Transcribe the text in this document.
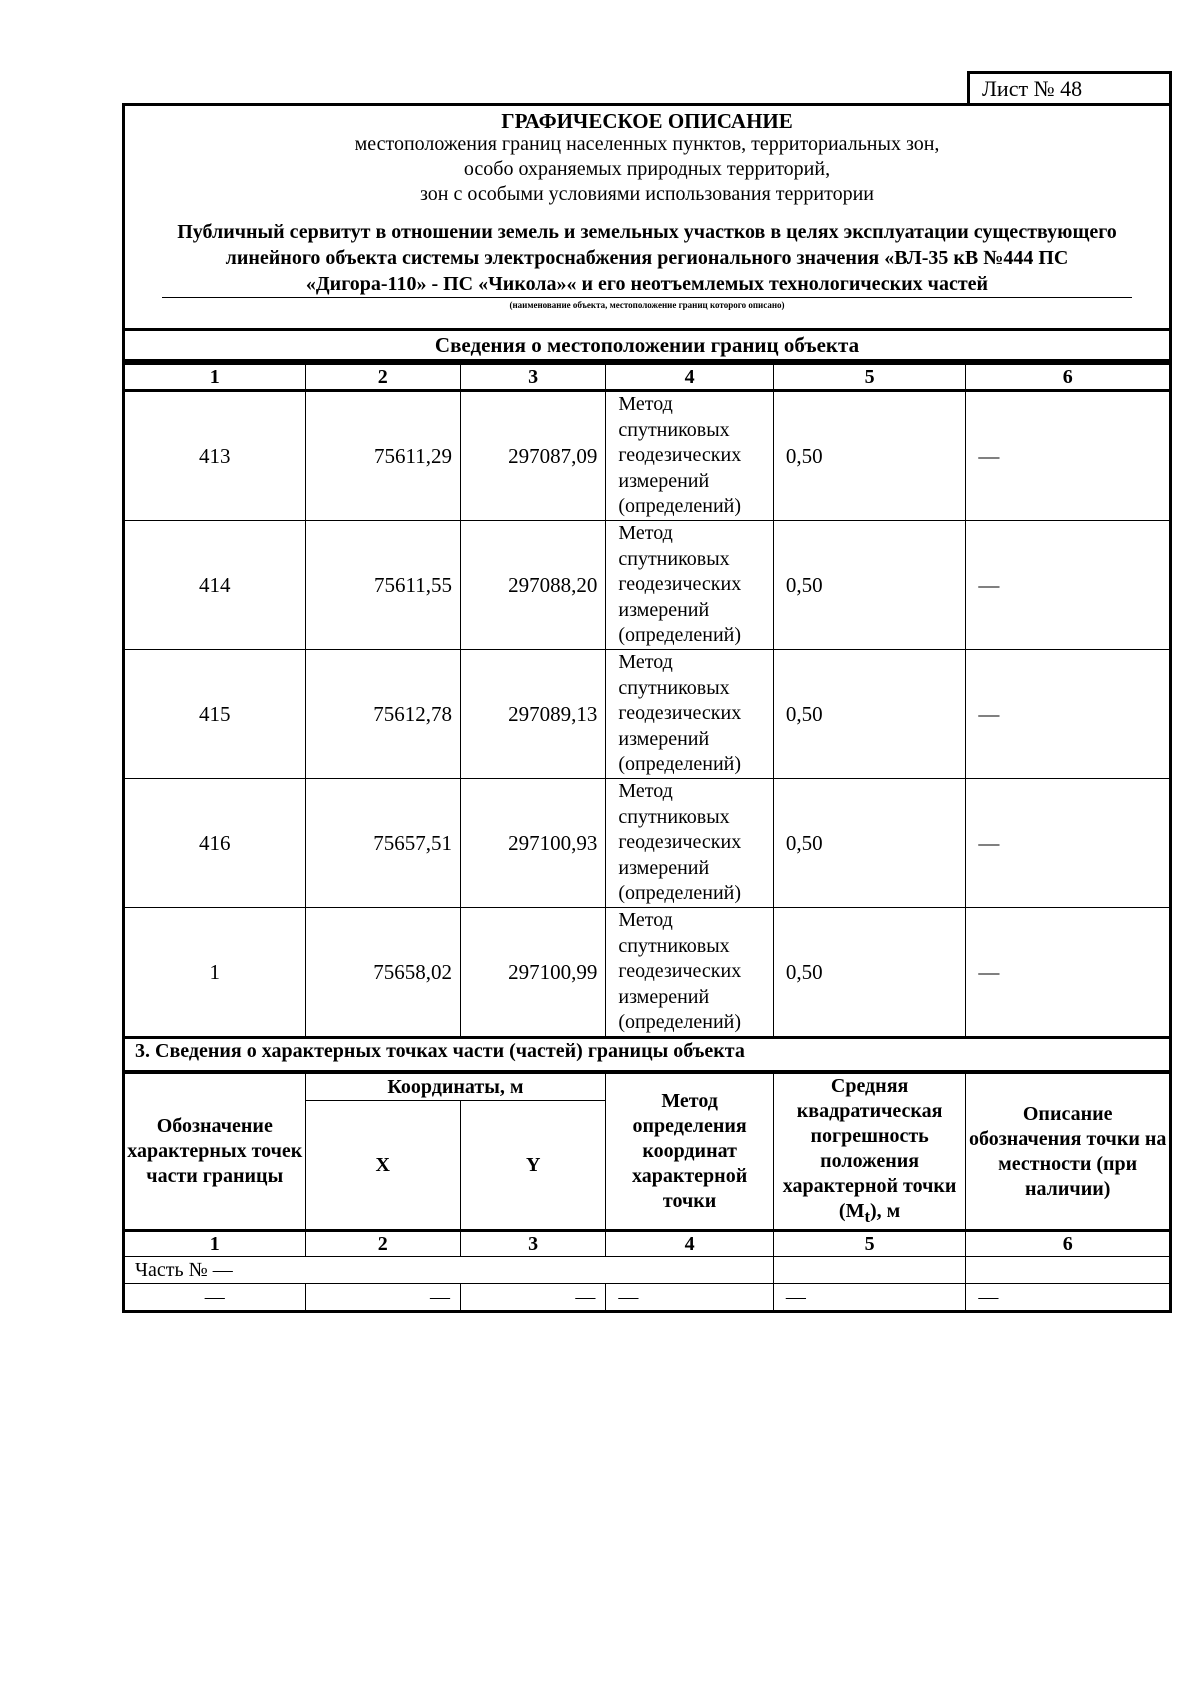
Лист № 48
ГРАФИЧЕСКОЕ ОПИСАНИЕ
местоположения границ населенных пунктов, территориальных зон,
особо охраняемых природных территорий,
зон с особыми условиями использования территории
Публичный сервитут в отношении земель и земельных участков в целях эксплуатации существующего линейного объекта системы электроснабжения регионального значения «ВЛ-35 кВ №444 ПС «Дигора-110» - ПС «Чикола»« и его неотъемлемых технологических частей
(наименование объекта, местоположение границ которого описано)
Сведения о местоположении границ объекта
1	2	3	4	5	6
413	75611,29	297087,09	Метод спутниковых геодезических измерений (определений)	0,50	—
414	75611,55	297088,20	Метод спутниковых геодезических измерений (определений)	0,50	—
415	75612,78	297089,13	Метод спутниковых геодезических измерений (определений)	0,50	—
416	75657,51	297100,93	Метод спутниковых геодезических измерений (определений)	0,50	—
1	75658,02	297100,99	Метод спутниковых геодезических измерений (определений)	0,50	—
3. Сведения о характерных точках части (частей) границы объекта
Обозначение характерных точек части границы	Координаты, м		Метод определения координат характерной точки	Средняя квадратическая погрешность положения характерной точки $(M_t)$, м	Описание обозначения точки на местности (при наличии)
	X	Y			
1	2	3	4	5	6
Часть № —					
—	—	—	—	—	—
